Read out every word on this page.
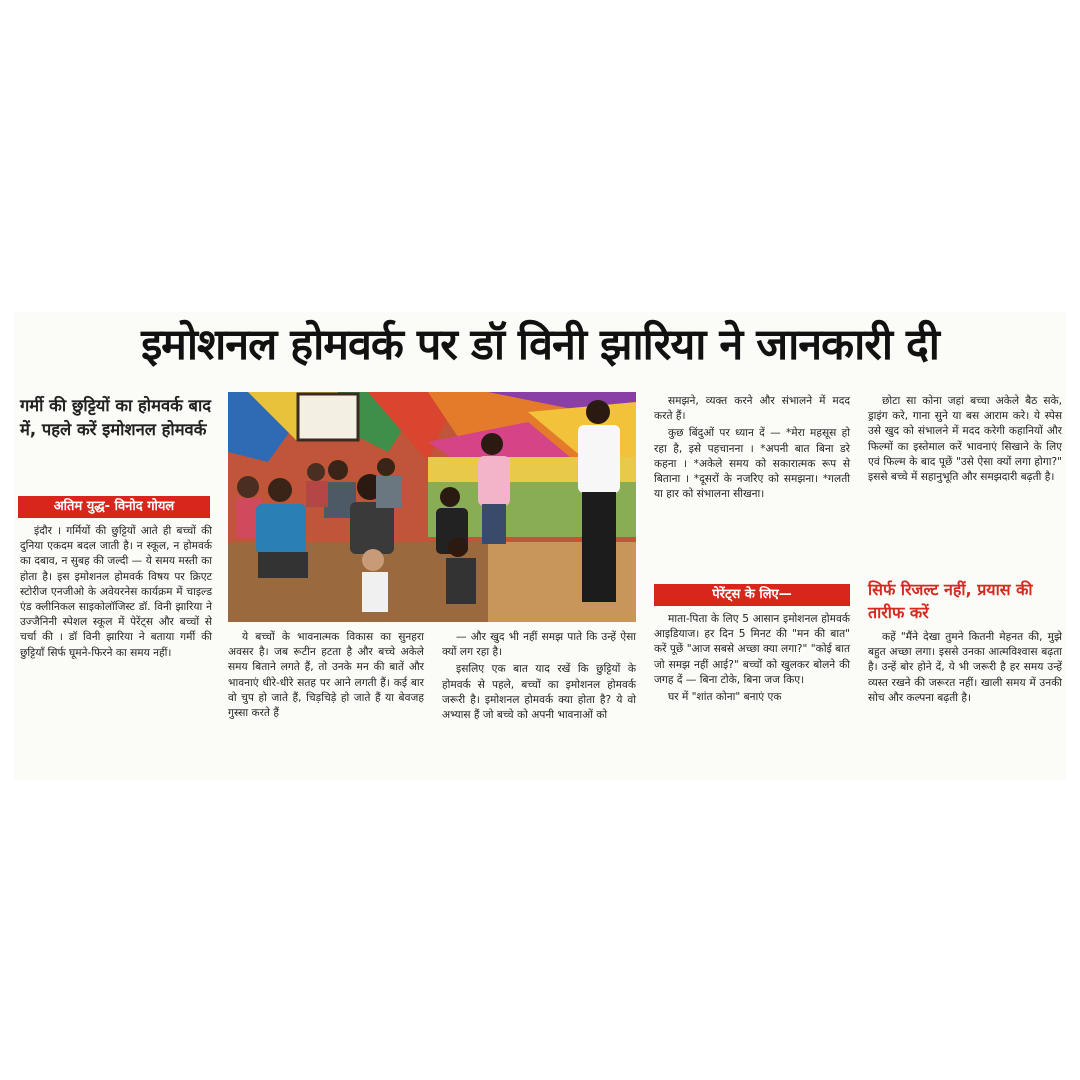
इमोशनल होमवर्क पर डॉ विनी झारिया ने जानकारी दी
गर्मी की छुट्टियों का होमवर्क बाद में, पहले करें इमोशनल होमवर्क
अतिम युद्ध- विनोद गोयल

इंदौर । गर्मियों की छुट्टियों आते ही बच्चों की दुनिया एकदम बदल जाती है। न स्कूल, न होमवर्क का दबाव, न सुबह की जल्दी — ये समय मस्ती का होता है। इस इमोशनल होमवर्क विषय पर क्रिएट स्टोरीज एनजीओ के अवेयरनेस कार्यक्रम में चाइल्ड एंड क्लीनिकल साइकोलॉजिस्ट डॉ. विनी झारिया ने उज्जैनिनी स्पेशल स्कूल में पेरेंट्स और बच्चों से चर्चा की । डॉ विनी झारिया ने बताया गर्मी की छुट्टियाँ सिर्फ घूमने-फिरने का समय नहीं।

ये बच्चों के भावनात्मक विकास का सुनहरा अवसर है। जब रूटीन हटता है और बच्चे अकेले समय बिताने लगते हैं, तो उनके मन की बातें और भावनाएं धीरे-धीरे सतह पर आने लगती हैं। कई बार वो चुप हो जाते हैं, चिड़चिड़े हो जाते हैं या बेवजह गुस्सा करते हैं

— और खुद भी नहीं समझ पाते कि उन्हें ऐसा क्यों लग रहा है।

इसलिए एक बात याद रखें कि छुट्टियों के होमवर्क से पहले, बच्चों का इमोशनल होमवर्क जरूरी है। इमोशनल होमवर्क क्या होता है? ये वो अभ्यास हैं जो बच्चे को अपनी भावनाओं को

समझने, व्यक्त करने और संभालने में मदद करते हैं।

कुछ बिंदुओं पर ध्यान दें — *मेरा महसूस हो रहा है, इसे पहचानना । *अपनी बात बिना डरे कहना । *अकेले समय को सकारात्मक रूप से बिताना । *दूसरों के नजरिए को समझना। *गलती या हार को संभालना सीखना।

पेरेंट्स के लिए—

माता-पिता के लिए 5 आसान इमोशनल होमवर्क आइडियाज। हर दिन 5 मिनट की "मन की बात" करें पूछें "आज सबसे अच्छा क्या लगा?" "कोई बात जो समझ नहीं आई?" बच्चों को खुलकर बोलने की जगह दें — बिना टोके, बिना जज किए।

घर में "शांत कोना" बनाएं एक

छोटा सा कोना जहां बच्चा अकेले बैठ सके, ड्राइंग करे, गाना सुने या बस आराम करे। ये स्पेस उसे खुद को संभालने में मदद करेगी कहानियों और फिल्मों का इस्तेमाल करें भावनाएं सिखाने के लिए एवं फिल्म के बाद पूछें "उसे ऐसा क्यों लगा होगा?" इससे बच्चे में सहानुभूति और समझदारी बढ़ती है।

सिर्फ रिजल्ट नहीं, प्रयास की तारीफ करें

कहें "मैंने देखा तुमने कितनी मेहनत की, मुझे बहुत अच्छा लगा। इससे उनका आत्मविश्वास बढ़ता है। उन्हें बोर होने दें, ये भी जरूरी है हर समय उन्हें व्यस्त रखने की जरूरत नहीं। खाली समय में उनकी सोच और कल्पना बढ़ती है।
